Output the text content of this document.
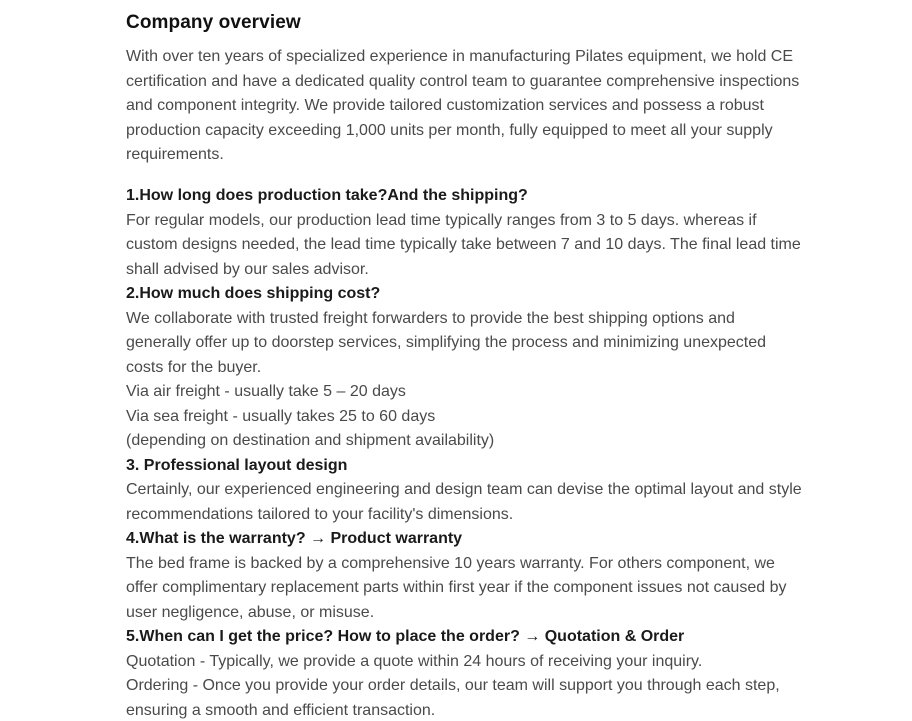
Company overview

With over ten years of specialized experience in manufacturing Pilates equipment, we hold CE certification and have a dedicated quality control team to guarantee comprehensive inspections and component integrity. We provide tailored customization services and possess a robust production capacity exceeding 1,000 units per month, fully equipped to meet all your supply requirements.

1.How long does production take?And the shipping?

For regular models, our production lead time typically ranges from 3 to 5 days. whereas if custom designs needed, the lead time typically take between 7 and 10 days. The final lead time shall advised by our sales advisor.

2.How much does shipping cost?

We collaborate with trusted freight forwarders to provide the best shipping options and generally offer up to doorstep services, simplifying the process and minimizing unexpected costs for the buyer.

Via air freight - usually take 5 – 20 days

Via sea freight - usually takes 25 to 60 days

(depending on destination and shipment availability)

3. Professional layout design

Certainly, our experienced engineering and design team can devise the optimal layout and style recommendations tailored to your facility's dimensions.

4.What is the warranty? → Product warranty

The bed frame is backed by a comprehensive 10 years warranty. For others component, we offer complimentary replacement parts within first year if the component issues not caused by user negligence, abuse, or misuse.

5.When can I get the price? How to place the order? → Quotation & Order

Quotation - Typically, we provide a quote within 24 hours of receiving your inquiry.

Ordering - Once you provide your order details, our team will support you through each step, ensuring a smooth and efficient transaction.
